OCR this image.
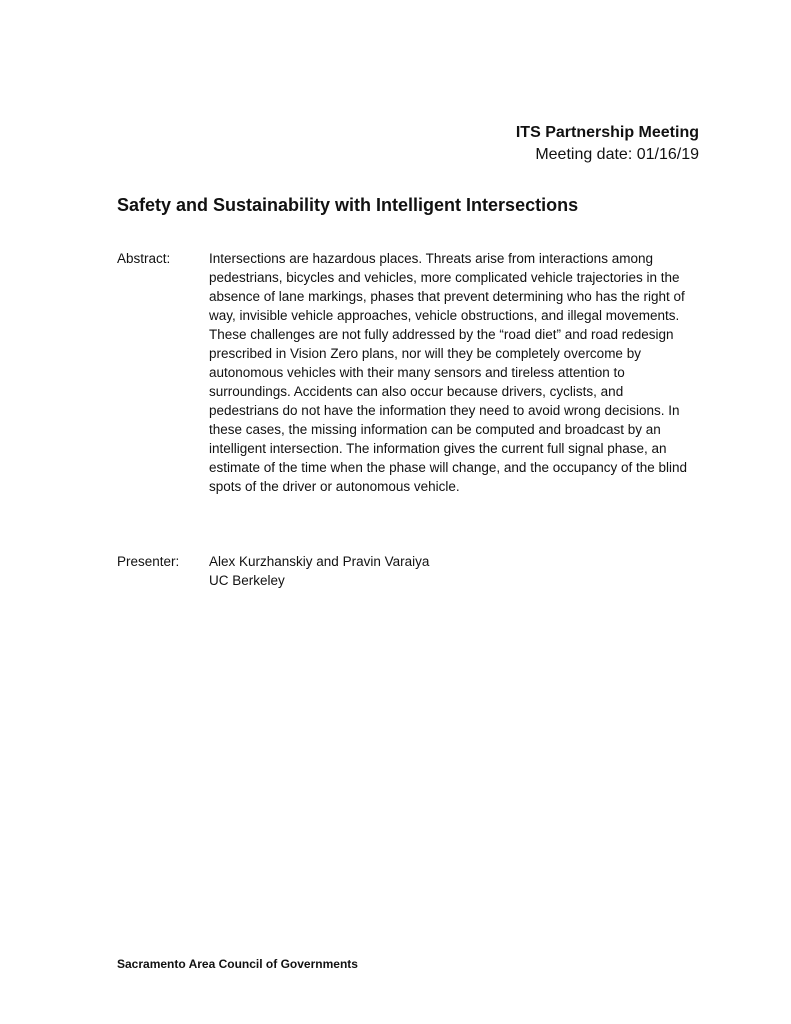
ITS Partnership Meeting
Meeting date: 01/16/19
Safety and Sustainability with Intelligent Intersections
Abstract:	Intersections are hazardous places. Threats arise from interactions among pedestrians, bicycles and vehicles, more complicated vehicle trajectories in the absence of lane markings, phases that prevent determining who has the right of way, invisible vehicle approaches, vehicle obstructions, and illegal movements. These challenges are not fully addressed by the “road diet” and road redesign prescribed in Vision Zero plans, nor will they be completely overcome by autonomous vehicles with their many sensors and tireless attention to surroundings. Accidents can also occur because drivers, cyclists, and pedestrians do not have the information they need to avoid wrong decisions. In these cases, the missing information can be computed and broadcast by an intelligent intersection. The information gives the current full signal phase, an estimate of the time when the phase will change, and the occupancy of the blind spots of the driver or autonomous vehicle.
Presenter: Alex Kurzhanskiy and Pravin Varaiya
UC Berkeley
Sacramento Area Council of Governments
